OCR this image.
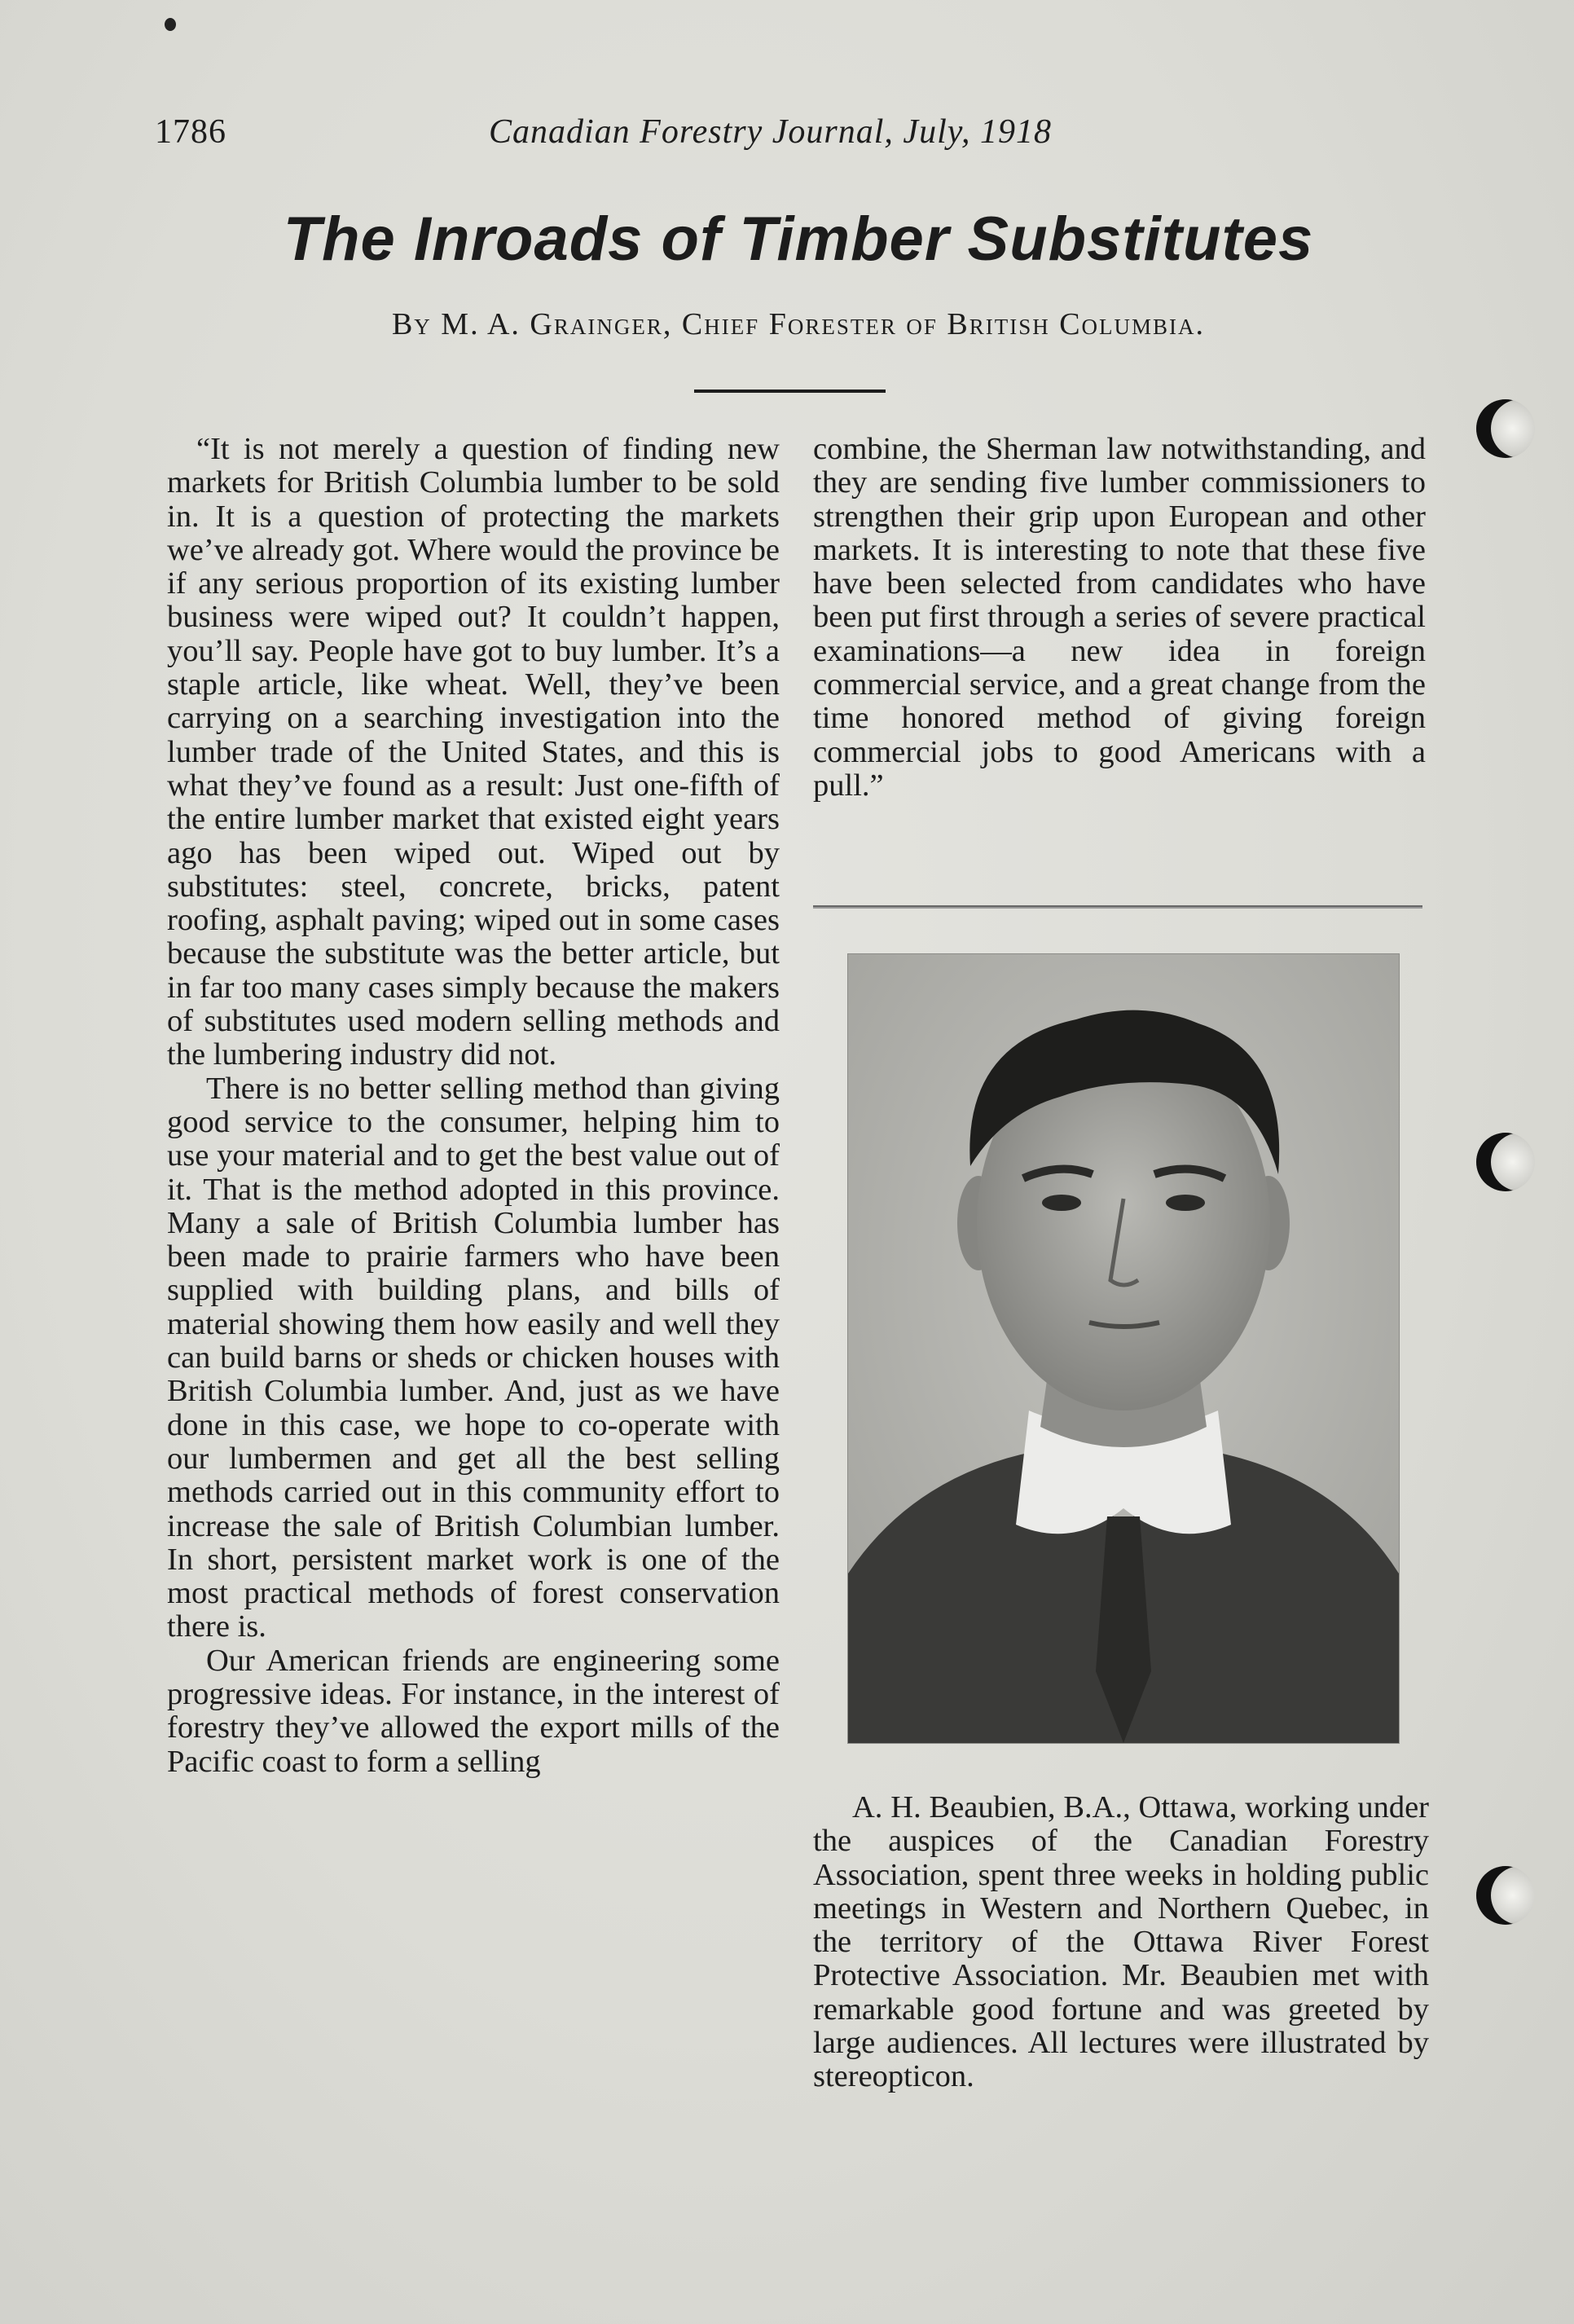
1786	Canadian Forestry Journal, July, 1918
The Inroads of Timber Substitutes
By M. A. Grainger, Chief Forester of British Columbia.

“It is not merely a question of finding new markets for British Columbia lumber to be sold in. It is a question of protecting the markets we’ve already got. Where would the province be if any serious proportion of its existing lumber business were wiped out? It couldn’t happen, you’ll say. People have got to buy lumber. It’s a staple article, like wheat. Well, they’ve been carrying on a searching investigation into the lumber trade of the United States, and this is what they’ve found as a result: Just one-fifth of the entire lumber market that existed eight years ago has been wiped out. Wiped out by substitutes: steel, concrete, bricks, patent roofing, asphalt paving; wiped out in some cases because the substitute was the better article, but in far too many cases simply because the makers of substitutes used modern selling methods and the lumbering industry did not.

There is no better selling method than giving good service to the consumer, helping him to use your material and to get the best value out of it. That is the method adopted in this province. Many a sale of British Columbia lumber has been made to prairie farmers who have been supplied with building plans, and bills of material showing them how easily and well they can build barns or sheds or chicken houses with British Columbia lumber. And, just as we have done in this case, we hope to co-operate with our lumbermen and get all the best selling methods carried out in this community effort to increase the sale of British Columbian lumber. In short, persistent market work is one of the most practical methods of forest conservation there is.

Our American friends are engineering some progressive ideas. For instance, in the interest of forestry they’ve allowed the export mills of the Pacific coast to form a selling

combine, the Sherman law notwithstanding, and they are sending five lumber commissioners to strengthen their grip upon European and other markets. It is interesting to note that these five have been selected from candidates who have been put first through a series of severe practical examinations—a new idea in foreign commercial service, and a great change from the time honored method of giving foreign commercial jobs to good Americans with a pull.”

A. H. Beaubien, B.A., Ottawa, working under the auspices of the Canadian Forestry Association, spent three weeks in holding public meetings in Western and Northern Quebec, in the territory of the Ottawa River Forest Protective Association. Mr. Beaubien met with remarkable good fortune and was greeted by large audiences. All lectures were illustrated by stereopticon.
